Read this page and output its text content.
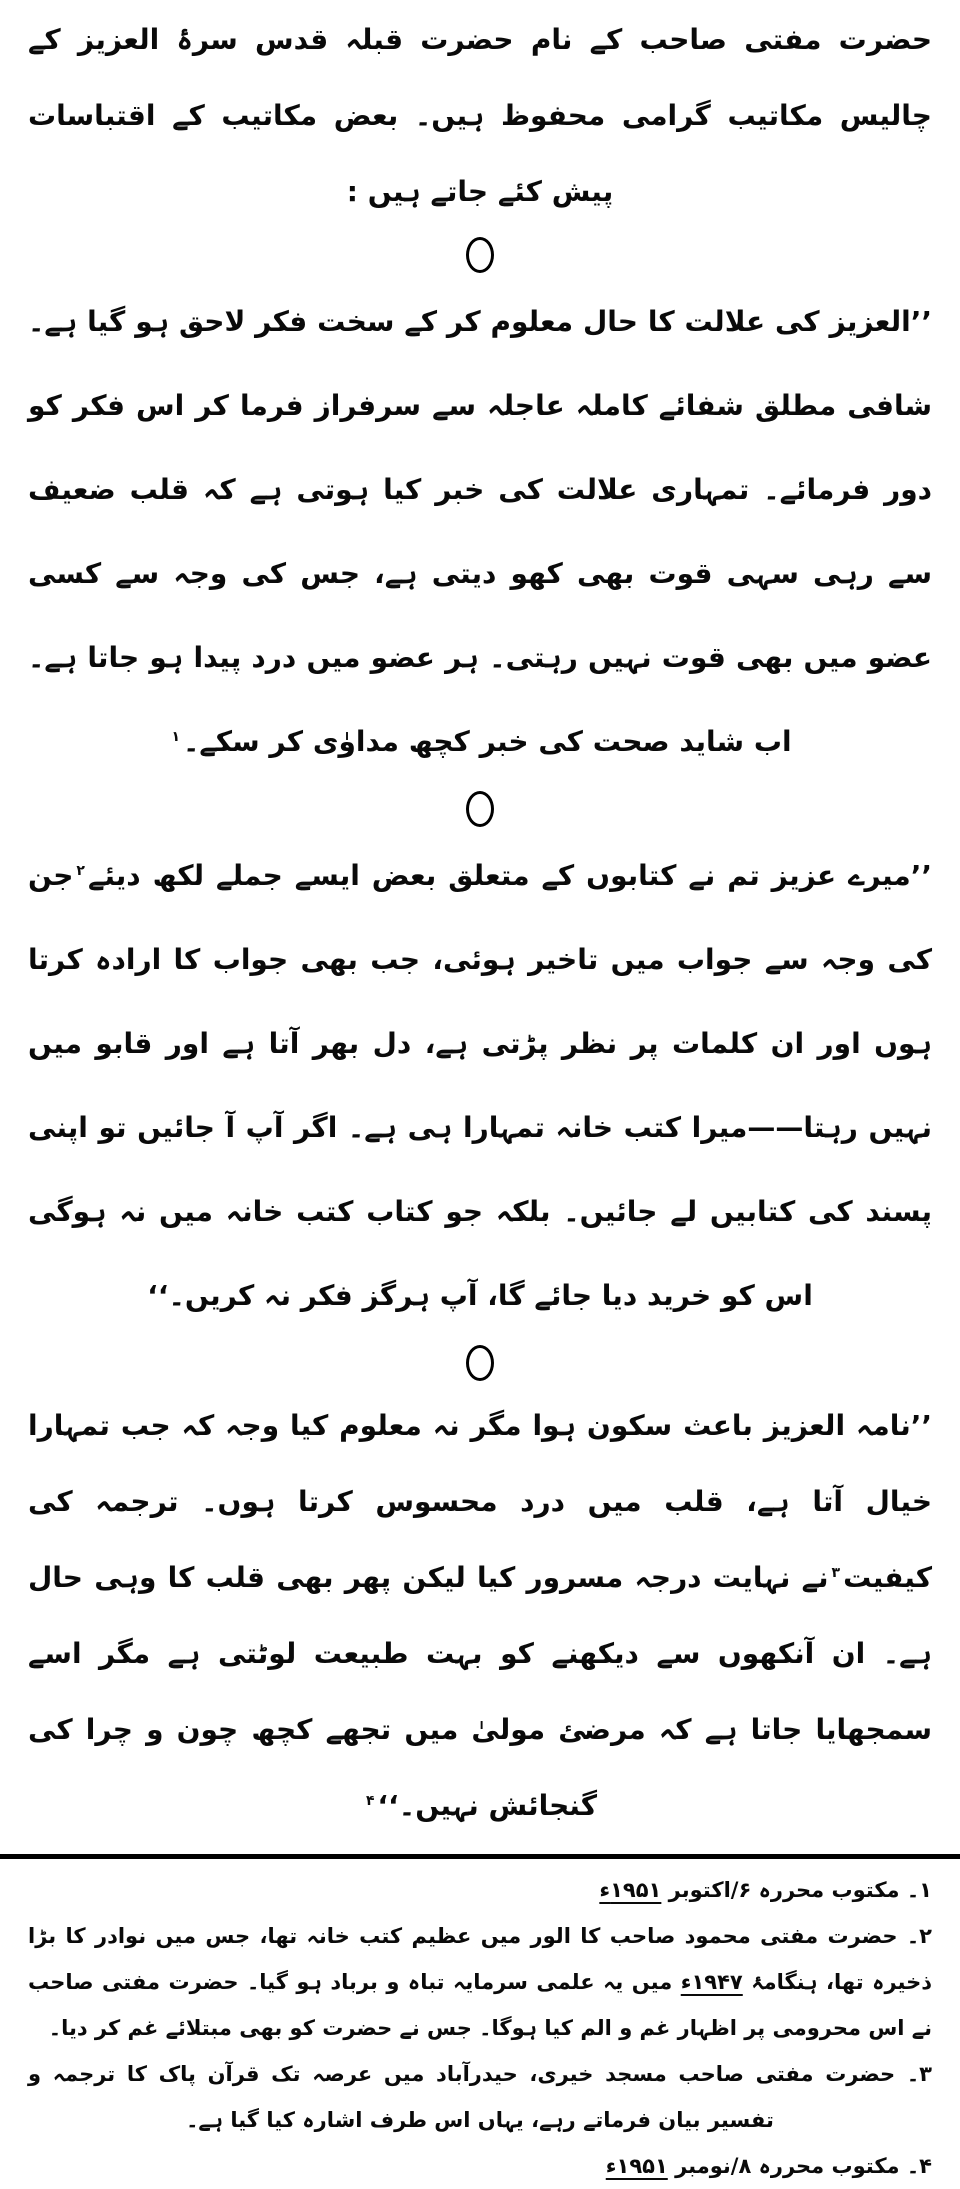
حضرت مفتی صاحب کے نام حضرت قبلہ قدس سرۂ العزیز کے چالیس مکاتیب گرامی محفوظ ہیں۔ بعض مکاتیب کے اقتباسات پیش کئے جاتے ہیں :

’’العزیز کی علالت کا حال معلوم کر کے سخت فکر لاحق ہو گیا ہے۔ شافی مطلق شفائے کاملہ عاجلہ سے سرفراز فرما کر اس فکر کو دور فرمائے۔ تمہاری علالت کی خبر کیا ہوتی ہے کہ قلب ضعیف سے رہی سہی قوت بھی کھو دیتی ہے، جس کی وجہ سے کسی عضو میں بھی قوت نہیں رہتی۔ ہر عضو میں درد پیدا ہو جاتا ہے۔ اب شاید صحت کی خبر کچھ مداوٰی کر سکے۔$^۱$

’’میرے عزیز تم نے کتابوں کے متعلق بعض ایسے جملے لکھ دیئے$^۲$جن کی وجہ سے جواب میں تاخیر ہوئی، جب بھی جواب کا ارادہ کرتا ہوں اور ان کلمات پر نظر پڑتی ہے، دل بھر آتا ہے اور قابو میں نہیں رہتا——میرا کتب خانہ تمہارا ہی ہے۔ اگر آپ آ جائیں تو اپنی پسند کی کتابیں لے جائیں۔ بلکہ جو کتاب کتب خانہ میں نہ ہوگی اس کو خرید دیا جائے گا، آپ ہرگز فکر نہ کریں۔‘‘

’’نامہ العزیز باعث سکون ہوا مگر نہ معلوم کیا وجہ کہ جب تمہارا خیال آتا ہے، قلب میں درد محسوس کرتا ہوں۔ ترجمہ کی کیفیت$^۳$نے نہایت درجہ مسرور کیا لیکن پھر بھی قلب کا وہی حال ہے۔ ان آنکھوں سے دیکھنے کو بہت طبیعت لوٹتی ہے مگر اسے سمجھایا جاتا ہے کہ مرضئ مولیٰ میں تجھے کچھ چون و چرا کی گنجائش نہیں۔‘‘$^۴$

۱۔ مکتوب محررہ ۶/اکتوبر ۱۹۵۱ء

۲۔ حضرت مفتی محمود صاحب کا الور میں عظیم کتب خانہ تھا، جس میں نوادر کا بڑا ذخیرہ تھا، ہنگامۂ ۱۹۴۷ء میں یہ علمی سرمایہ تباہ و برباد ہو گیا۔ حضرت مفتی صاحب نے اس محرومی پر اظہار غم و الم کیا ہوگا۔ جس نے حضرت کو بھی مبتلائے غم کر دیا۔

۳۔ حضرت مفتی صاحب مسجد خیری، حیدرآباد میں عرصہ تک قرآن پاک کا ترجمہ و تفسیر بیان فرماتے رہے، یہاں اس طرف اشارہ کیا گیا ہے۔

۴۔ مکتوب محررہ ۸/نومبر ۱۹۵۱ء
